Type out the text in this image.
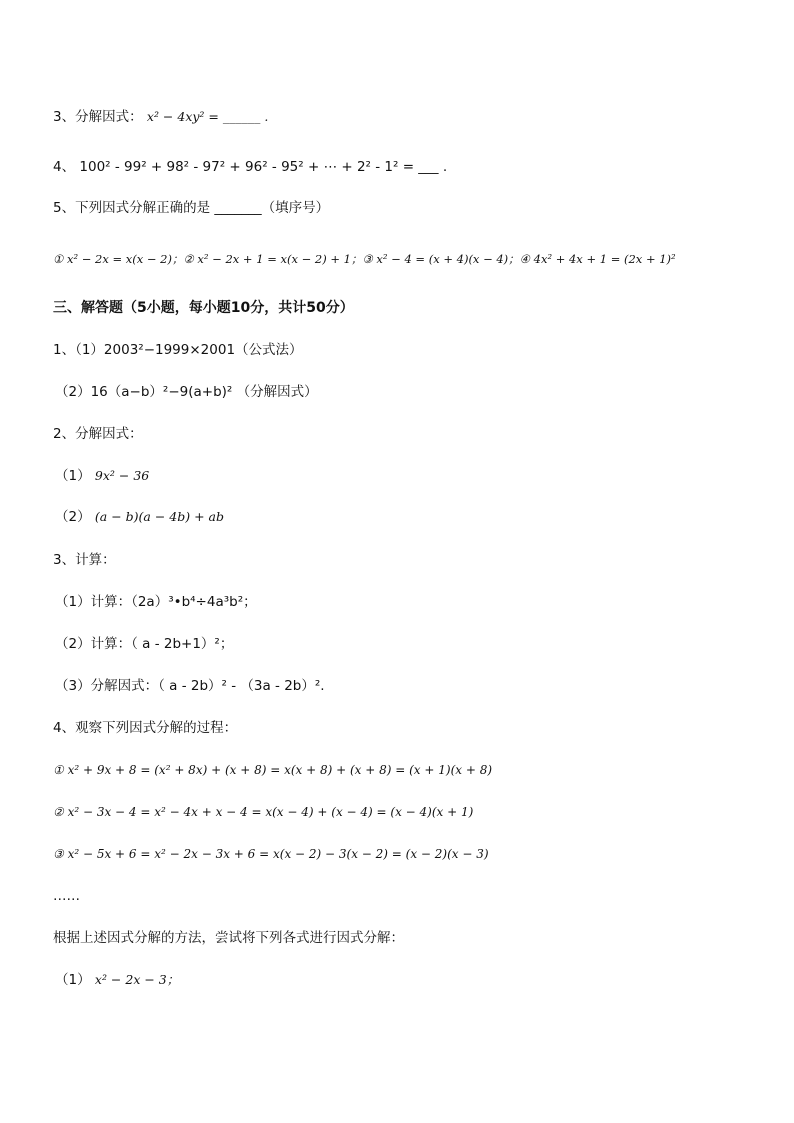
3、分解因式： x² − 4xy² = ______ .
4、 100² - 99² + 98² - 97² + 96² - 95² + ⋯ + 2² - 1² = ___ .
5、下列因式分解正确的是 _______（填序号）
① x² − 2x = x(x − 2)；② x² − 2x + 1 = x(x − 2) + 1；③ x² − 4 = (x + 4)(x − 4)；④ 4x² + 4x + 1 = (2x + 1)²
三、解答题（5小题，每小题10分，共计50分）
1、（1）2003²−1999×2001（公式法）
（2）16（a−b）²−9(a+b)² （分解因式）
2、分解因式：
（1） 9x² − 36
（2） (a − b)(a − 4b) + ab
3、计算：
（1）计算：（2a）³•b⁴÷4a³b²；
（2）计算：（ a - 2b+1）²；
（3）分解因式：（ a - 2b）² - （3a - 2b）².
4、观察下列因式分解的过程：
① x² + 9x + 8 = (x² + 8x) + (x + 8) = x(x + 8) + (x + 8) = (x + 1)(x + 8)
② x² − 3x − 4 = x² − 4x + x − 4 = x(x − 4) + (x − 4) = (x − 4)(x + 1)
③ x² − 5x + 6 = x² − 2x − 3x + 6 = x(x − 2) − 3(x − 2) = (x − 2)(x − 3)
……
根据上述因式分解的方法，尝试将下列各式进行因式分解：
（1） x² − 2x − 3；
